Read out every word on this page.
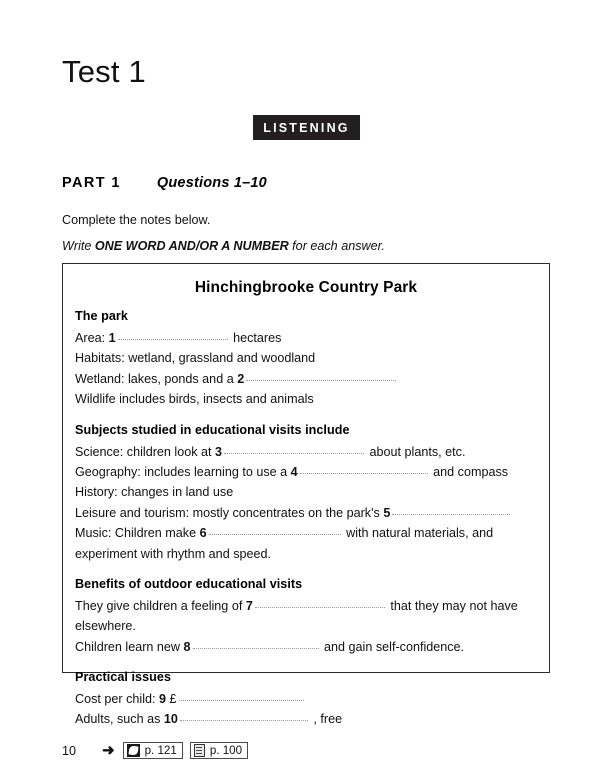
Test 1
LISTENING
PART 1 Questions 1–10
Complete the notes below.
Write ONE WORD AND/OR A NUMBER for each answer.
Hinchingbrooke Country Park
The park

Area: 1	hectares

Habitats: wetland, grassland and woodland

Wetland: lakes, ponds and a 2

Wildlife includes birds, insects and animals

Subjects studied in educational visits include

Science: children look at 3	about plants, etc.

Geography: includes learning to use a 4	and compass

History: changes in land use

Leisure and tourism: mostly concentrates on the park's 5

Music: Children make 6	with natural materials, and experiment with rhythm and speed.

Benefits of outdoor educational visits

They give children a feeling of 7	that they may not have elsewhere.

Children learn new 8	and gain self-confidence.

Practical issues

Cost per child: 9 £

Adults, such as 10	, free

10	➜	p. 121	p. 100
